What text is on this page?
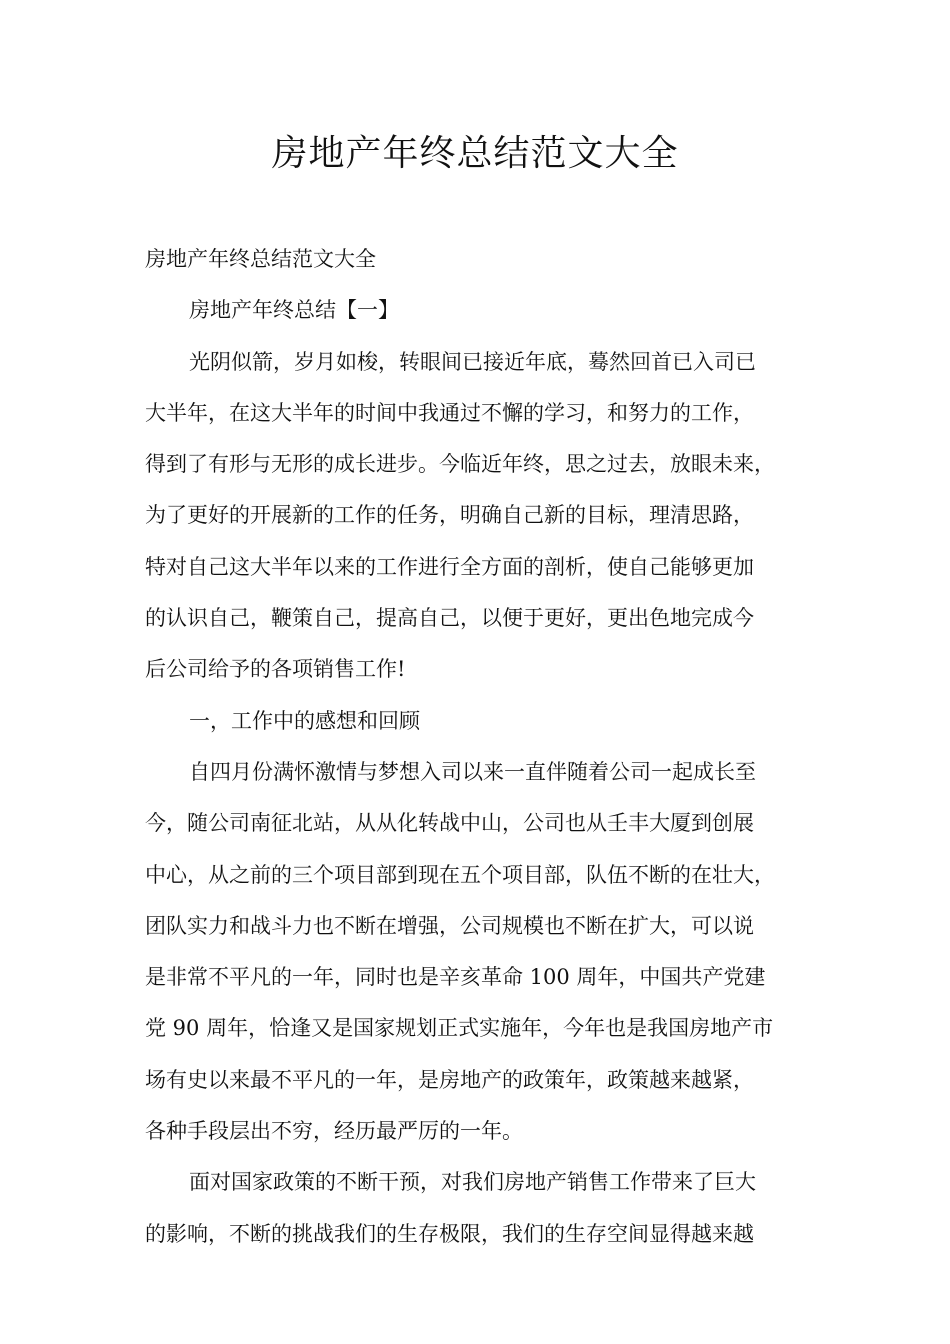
房地产年终总结范文大全

房地产年终总结范文大全

房地产年终总结【一】

光阴似箭，岁月如梭，转眼间已接近年底，蓦然回首已入司已
大半年，在这大半年的时间中我通过不懈的学习，和努力的工作，
得到了有形与无形的成长进步。今临近年终，思之过去，放眼未来，
为了更好的开展新的工作的任务，明确自己新的目标，理清思路，
特对自己这大半年以来的工作进行全方面的剖析，使自己能够更加
的认识自己，鞭策自己，提高自己，以便于更好，更出色地完成今
后公司给予的各项销售工作!

一，工作中的感想和回顾

自四月份满怀激情与梦想入司以来一直伴随着公司一起成长至
今，随公司南征北站，从从化转战中山，公司也从壬丰大厦到创展
中心，从之前的三个项目部到现在五个项目部，队伍不断的在壮大，
团队实力和战斗力也不断在增强，公司规模也不断在扩大，可以说
是非常不平凡的一年，同时也是辛亥革命 100 周年，中国共产党建
党 90 周年，恰逢又是国家规划正式实施年，今年也是我国房地产市
场有史以来最不平凡的一年，是房地产的政策年，政策越来越紧，
各种手段层出不穷，经历最严厉的一年。

面对国家政策的不断干预，对我们房地产销售工作带来了巨大
的影响，不断的挑战我们的生存极限，我们的生存空间显得越来越
